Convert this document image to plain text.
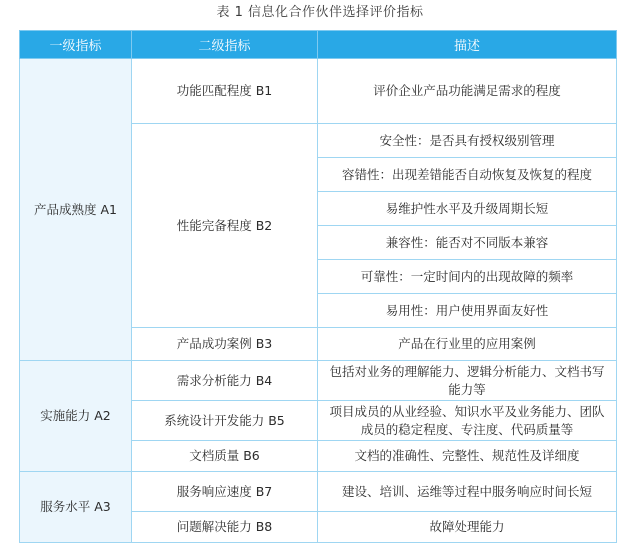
表 1 信息化合作伙伴选择评价指标
一级指标	二级指标	描述
产品成熟度 A1	功能匹配程度 B1	评价企业产品功能满足需求的程度
	性能完备程度 B2	安全性：是否具有授权级别管理
		容错性：出现差错能否自动恢复及恢复的程度
		易维护性水平及升级周期长短
		兼容性：能否对不同版本兼容
		可靠性：一定时间内的出现故障的频率
		易用性：用户使用界面友好性
	产品成功案例 B3	产品在行业里的应用案例
实施能力 A2	需求分析能力 B4	包括对业务的理解能力、逻辑分析能力、文档书写能力等
	系统设计开发能力 B5	项目成员的从业经验、知识水平及业务能力、团队成员的稳定程度、专注度、代码质量等
	文档质量 B6	文档的准确性、完整性、规范性及详细度
服务水平 A3	服务响应速度 B7	建设、培训、运维等过程中服务响应时间长短
	问题解决能力 B8	故障处理能力
